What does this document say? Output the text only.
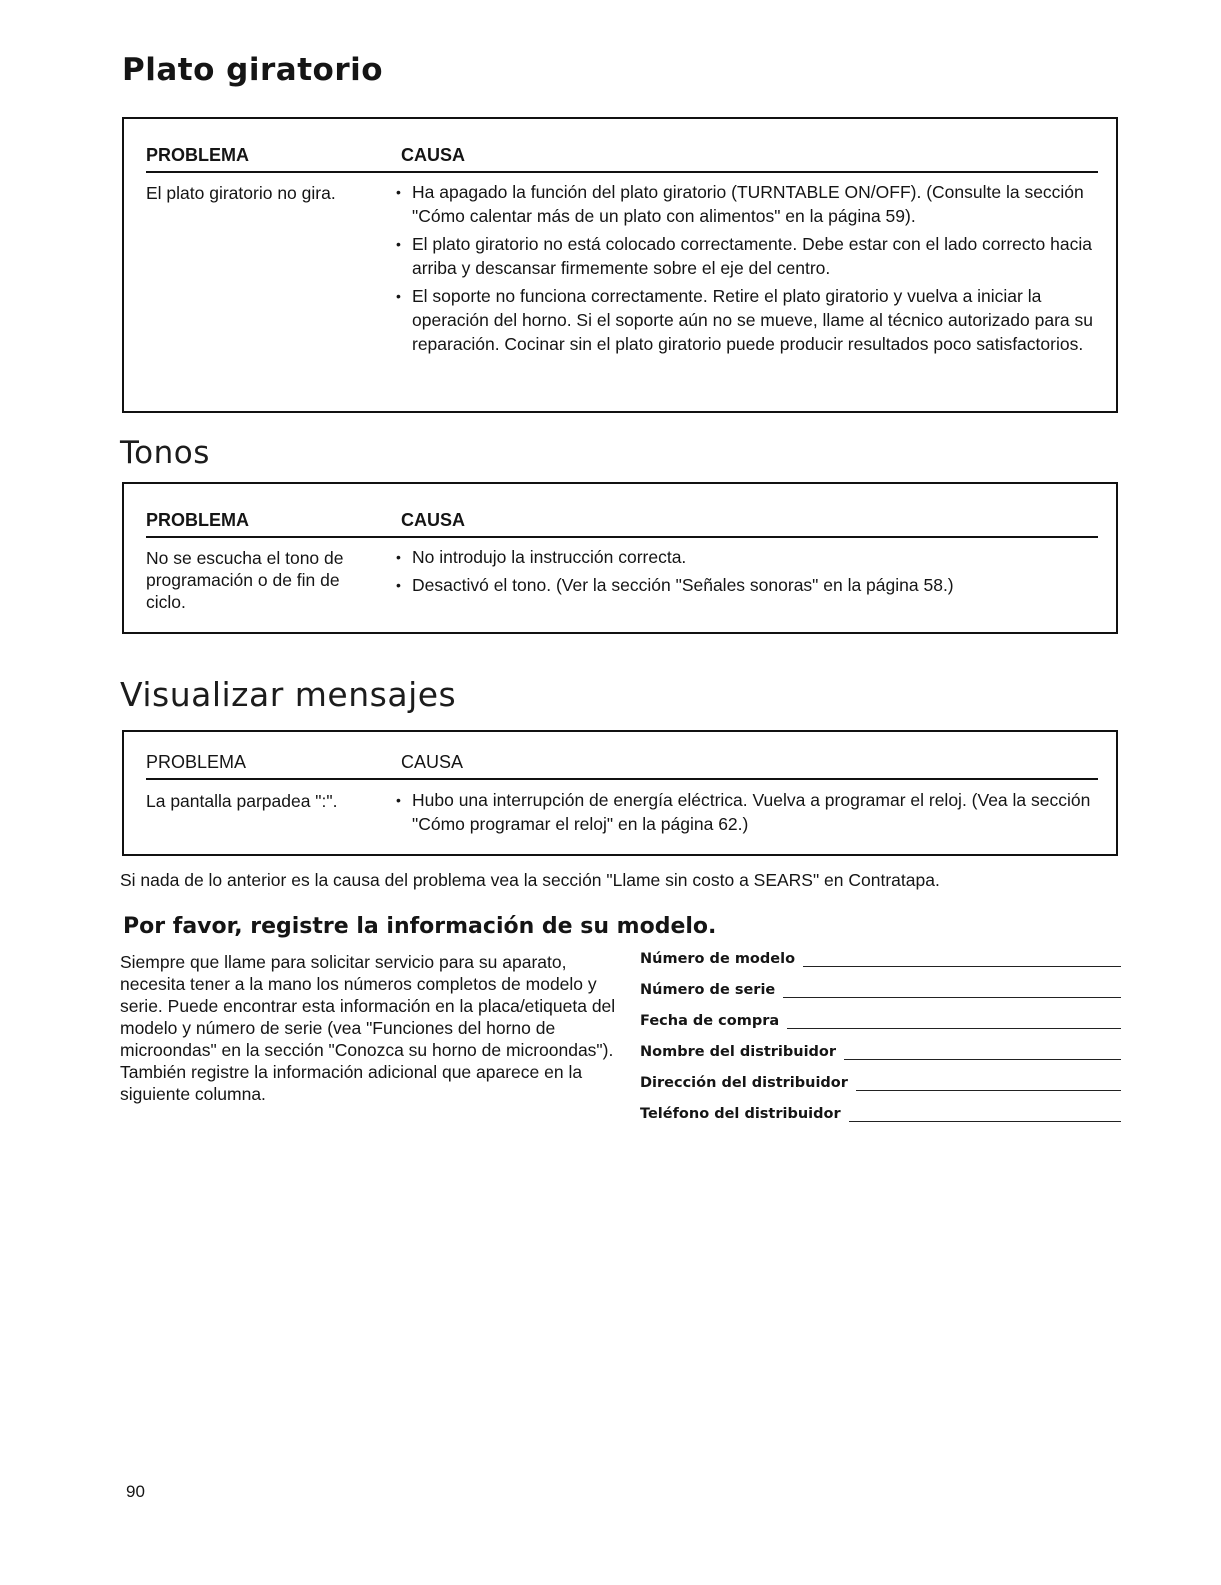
Plato giratorio
PROBLEMA	CAUSA
El plato giratorio no gira.	• Ha apagado la función del plato giratorio (TURNTABLE ON/OFF). (Consulte la sección "Cómo calentar más de un plato con alimentos" en la página 59).
• El plato giratorio no está colocado correctamente. Debe estar con el lado correcto hacia arriba y descansar firmemente sobre el eje del centro.
• El soporte no funciona correctamente. Retire el plato giratorio y vuelva a iniciar la operación del horno. Si el soporte aún no se mueve, llame al técnico autorizado para su reparación. Cocinar sin el plato giratorio puede producir resultados poco satisfactorios.
Tonos
PROBLEMA	CAUSA
No se escucha el tono de programación o de fin de ciclo.
• No introdujo la instrucción correcta.
• Desactivó el tono. (Ver la sección "Señales sonoras" en la página 58.)
Visualizar mensajes
PROBLEMA	CAUSA
La pantalla parpadea ":".	• Hubo una interrupción de energía eléctrica. Vuelva a programar el reloj. (Vea la sección "Cómo programar el reloj" en la página 62.)
Si nada de lo anterior es la causa del problema vea la sección "Llame sin costo a SEARS" en Contratapa.
Por favor, registre la información de su modelo.

Siempre que llame para solicitar servicio para su aparato, necesita tener a la mano los números completos de modelo y serie. Puede encontrar esta información en la placa/etiqueta del modelo y número de serie (vea "Funciones del horno de microondas" en la sección "Conozca su horno de microondas"). También registre la información adicional que aparece en la siguiente columna.

Número de modelo
Número de serie
Fecha de compra
Nombre del distribuidor
Dirección del distribuidor
Teléfono del distribuidor
90
